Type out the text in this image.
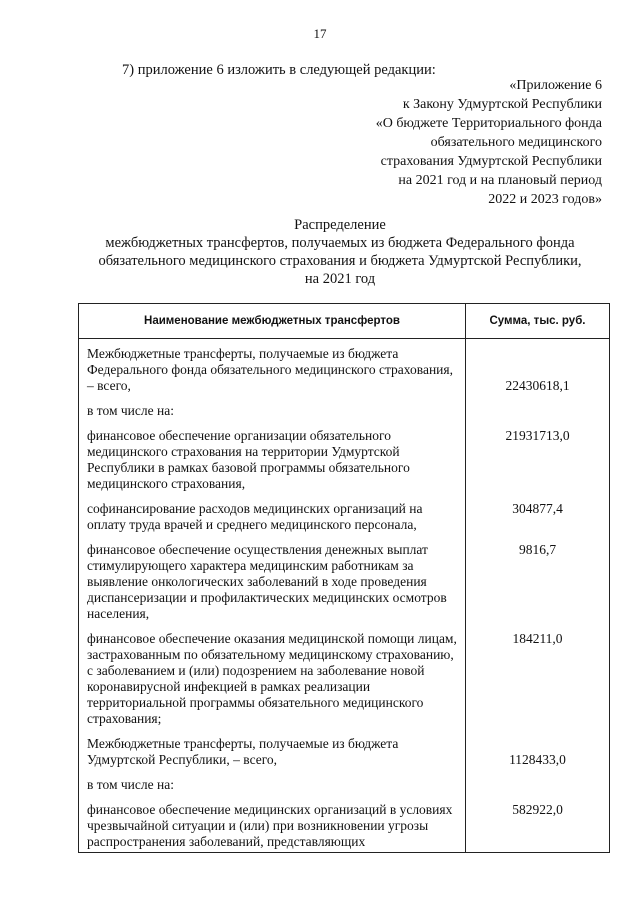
17
7) приложение 6 изложить в следующей редакции:
«Приложение 6
к Закону Удмуртской Республики
«О бюджете Территориального фонда
обязательного медицинского
страхования Удмуртской Республики
на 2021 год и на плановый период
2022 и 2023 годов»
Распределение
межбюджетных трансфертов, получаемых из бюджета Федерального фонда
обязательного медицинского страхования и бюджета Удмуртской Республики,
на 2021 год
Наименование межбюджетных трансфертов	Сумма, тыс. руб.
Межбюджетные трансферты, получаемые из бюджета Федерального фонда обязательного медицинского страхования, – всего,	22430618,1
в том числе на:	
финансовое обеспечение организации обязательного медицинского страхования на территории Удмуртской Республики в рамках базовой программы обязательного медицинского страхования,	21931713,0
софинансирование расходов медицинских организаций на оплату труда врачей и среднего медицинского персонала,	304877,4
финансовое обеспечение осуществления денежных выплат стимулирующего характера медицинским работникам за выявление онкологических заболеваний в ходе проведения диспансеризации и профилактических медицинских осмотров населения,	9816,7
финансовое обеспечение оказания медицинской помощи лицам, застрахованным по обязательному медицинскому страхованию, с заболеванием и (или) подозрением на заболевание новой коронавирусной инфекцией в рамках реализации территориальной программы обязательного медицинского страхования;	184211,0
Межбюджетные трансферты, получаемые из бюджета Удмуртской Республики, – всего,	1128433,0
в том числе на:	
финансовое обеспечение медицинских организаций в условиях чрезвычайной ситуации и (или) при возникновении угрозы распространения заболеваний, представляющих	582922,0
